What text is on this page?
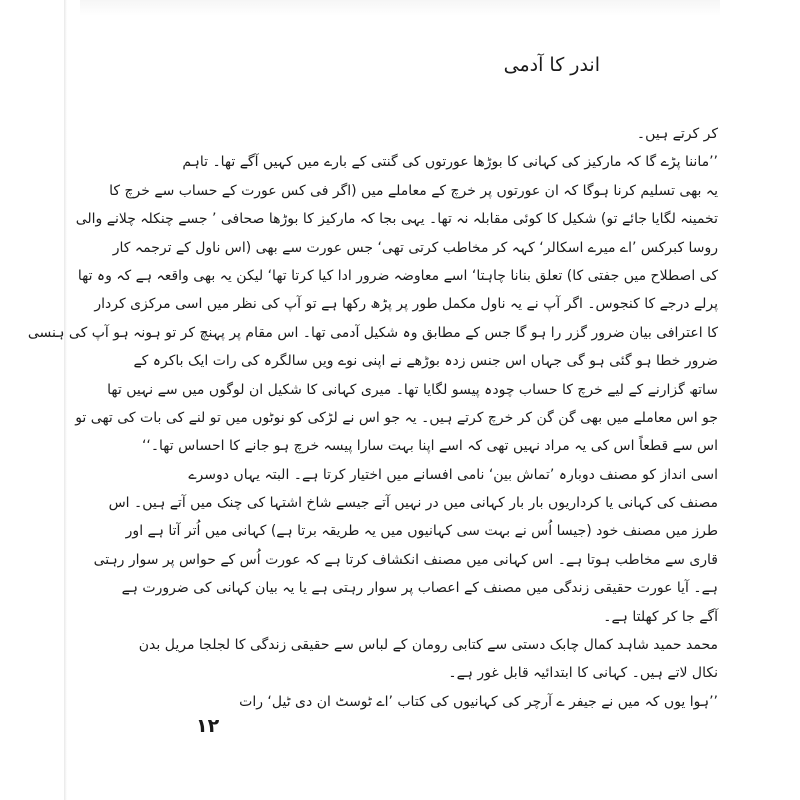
اندر کا آدمی
کر کرتے ہیں۔
’’ماننا پڑے گا کہ مارکیز کی کہانی کا بوڑھا عورتوں کی گنتی کے بارے میں کہیں آگے تھا۔ تاہم
یہ بھی تسلیم کرنا ہوگا کہ ان عورتوں پر خرچ کے معاملے میں (اگر فی کس عورت کے حساب سے خرچ کا
تخمینہ لگایا جائے تو) شکیل کا کوئی مقابلہ نہ تھا۔ یہی بجا کہ مارکیز کا بوڑھا صحافی ’ جسے چنکلہ چلانے والی
روسا کبرکس ’اے میرے اسکالر‘ کہہ کر مخاطب کرتی تھی‘ جس عورت سے بھی (اس ناول کے ترجمہ کار
کی اصطلاح میں جفتی کا) تعلق بنانا چاہتا‘ اسے معاوضہ ضرور ادا کیا کرتا تھا‘ لیکن یہ بھی واقعہ ہے کہ وہ تھا
پرلے درجے کا کنجوس۔ اگر آپ نے یہ ناول مکمل طور پر پڑھ رکھا ہے تو آپ کی نظر میں اسی مرکزی کردار
کا اعترافی بیان ضرور گزر را ہو گا جس کے مطابق وہ شکیل آدمی تھا۔ اس مقام پر پہنچ کر تو ہونہ ہو آپ کی ہنسی
ضرور خطا ہو گئی ہو گی جہاں اس جنس زدہ بوڑھے نے اپنی نوے ویں سالگرہ کی رات ایک باکرہ کے
ساتھ گزارنے کے لیے خرچ کا حساب چودہ پیسو لگایا تھا۔ میری کہانی کا شکیل ان لوگوں میں سے نہیں تھا
جو اس معاملے میں بھی گن گن کر خرچ کرتے ہیں۔ یہ جو اس نے لڑکی کو نوٹوں میں تو لنے کی بات کی تھی تو
اس سے قطعاً اس کی یہ مراد نہیں تھی کہ اسے اپنا بہت سارا پیسہ خرچ ہو جانے کا احساس تھا۔‘‘
اسی انداز کو مصنف دوبارہ ’تماش بین‘ نامی افسانے میں اختیار کرتا ہے۔ البتہ یہاں دوسرے
مصنف کی کہانی یا کرداریوں بار بار کہانی میں در نہیں آتے جیسے شاخ اشتہا کی چنک میں آتے ہیں۔ اس
طرز میں مصنف خود (جیسا اُس نے بہت سی کہانیوں میں یہ طریقہ برتا ہے) کہانی میں اُتر آتا ہے اور
قاری سے مخاطب ہوتا ہے۔ اس کہانی میں مصنف انکشاف کرتا ہے کہ عورت اُس کے حواس پر سوار رہتی
ہے۔ آیا عورت حقیقی زندگی میں مصنف کے اعصاب پر سوار رہتی ہے یا یہ بیان کہانی کی ضرورت ہے
آگے جا کر کھلتا ہے۔
محمد حمید شاہد کمال چابک دستی سے کتابی رومان کے لباس سے حقیقی زندگی کا لجلجا مریل بدن
نکال لاتے ہیں۔ کہانی کا ابتدائیہ قابل غور ہے۔
’’ہوا یوں کہ میں نے جیفر ے آرچر کی کہانیوں کی کتاب ’اے ٹوسٹ ان دی ٹیل‘ رات
۱۲
